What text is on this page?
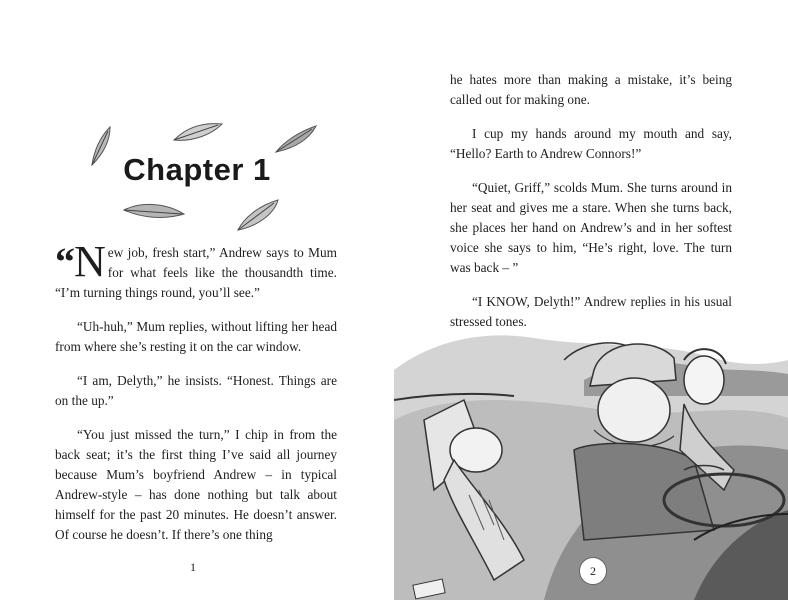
Chapter 1

“ N ew job, fresh start,” Andrew says to Mum for what feels like the thousandth time. “I’m turning things round, you’ll see.”

“Uh-huh,” Mum replies, without lifting her head from where she’s resting it on the car window.

“I am, Delyth,” he insists. “Honest. Things are on the up.”

“You just missed the turn,” I chip in from the back seat; it’s the first thing I’ve said all journey because Mum’s boyfriend Andrew – in typical Andrew-style – has done nothing but talk about himself for the past 20 minutes. He doesn’t answer. Of course he doesn’t. If there’s one thing

1

he hates more than making a mistake, it’s being called out for making one.

I cup my hands around my mouth and say, “Hello? Earth to Andrew Connors!”

“Quiet, Griff,” scolds Mum. She turns around in her seat and gives me a stare. When she turns back, she places her hand on Andrew’s and in her softest voice she says to him, “He’s right, love. The turn was back – ”

“I KNOW, Delyth!” Andrew replies in his usual stressed tones.

2
